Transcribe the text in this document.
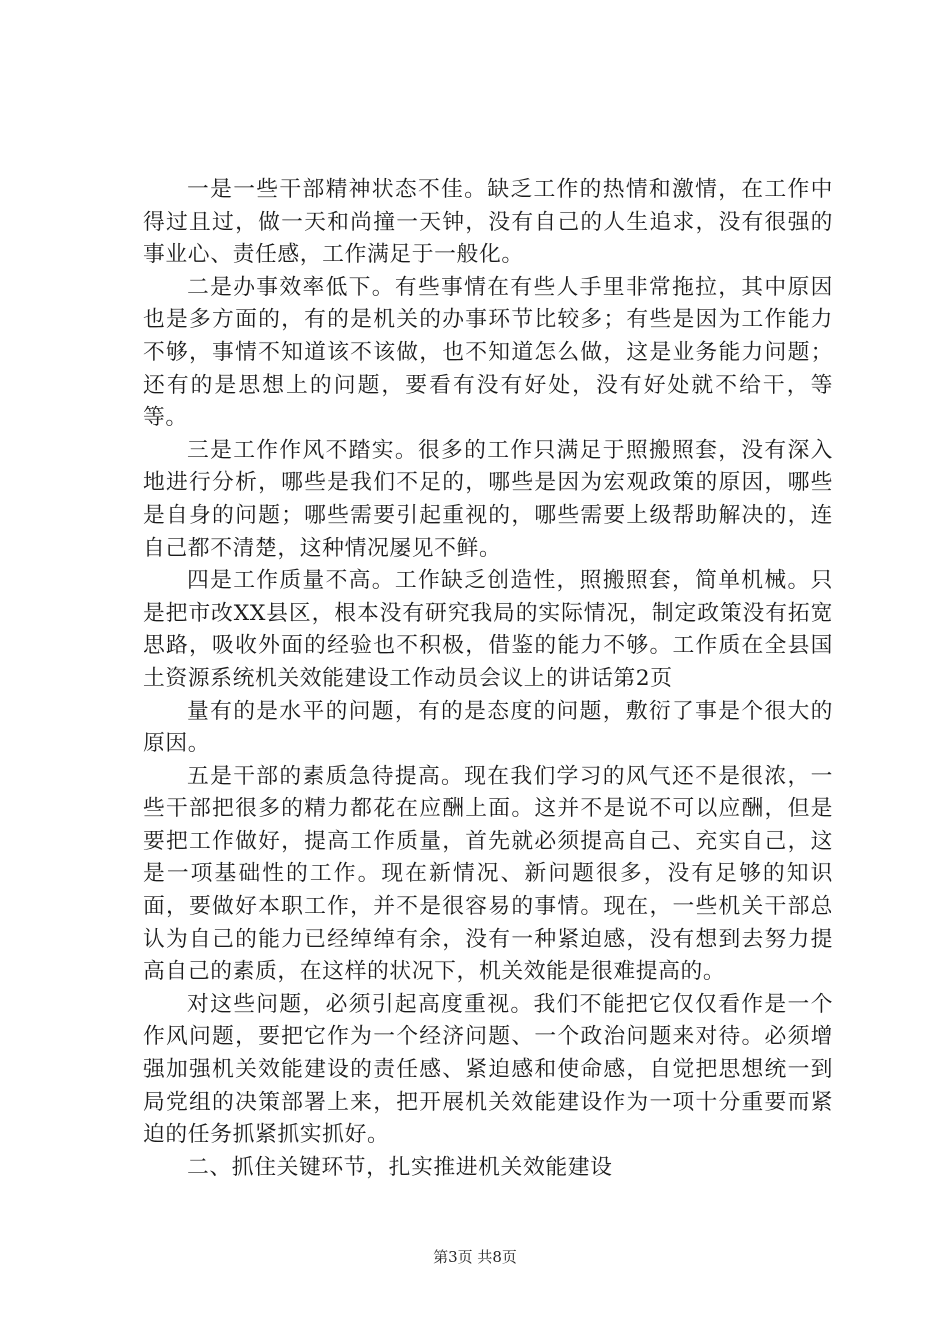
一是一些干部精神状态不佳。缺乏工作的热情和激情，在工作中得过且过，做一天和尚撞一天钟，没有自己的人生追求，没有很强的事业心、责任感，工作满足于一般化。

二是办事效率低下。有些事情在有些人手里非常拖拉，其中原因也是多方面的，有的是机关的办事环节比较多；有些是因为工作能力不够，事情不知道该不该做，也不知道怎么做，这是业务能力问题；还有的是思想上的问题，要看有没有好处，没有好处就不给干，等等。

三是工作作风不踏实。很多的工作只满足于照搬照套，没有深入地进行分析，哪些是我们不足的，哪些是因为宏观政策的原因，哪些是自身的问题；哪些需要引起重视的，哪些需要上级帮助解决的，连自己都不清楚，这种情况屡见不鲜。

四是工作质量不高。工作缺乏创造性，照搬照套，简单机械。只是把市改XX县区，根本没有研究我局的实际情况，制定政策没有拓宽思路，吸收外面的经验也不积极，借鉴的能力不够。工作质在全县国土资源系统机关效能建设工作动员会议上的讲话第2页

量有的是水平的问题，有的是态度的问题，敷衍了事是个很大的原因。

五是干部的素质急待提高。现在我们学习的风气还不是很浓，一些干部把很多的精力都花在应酬上面。这并不是说不可以应酬，但是要把工作做好，提高工作质量，首先就必须提高自己、充实自己，这是一项基础性的工作。现在新情况、新问题很多，没有足够的知识面，要做好本职工作，并不是很容易的事情。现在，一些机关干部总认为自己的能力已经绰绰有余，没有一种紧迫感，没有想到去努力提高自己的素质，在这样的状况下，机关效能是很难提高的。

对这些问题，必须引起高度重视。我们不能把它仅仅看作是一个作风问题，要把它作为一个经济问题、一个政治问题来对待。必须增强加强机关效能建设的责任感、紧迫感和使命感，自觉把思想统一到局党组的决策部署上来，把开展机关效能建设作为一项十分重要而紧迫的任务抓紧抓实抓好。

二、抓住关键环节，扎实推进机关效能建设

第3页 共8页
